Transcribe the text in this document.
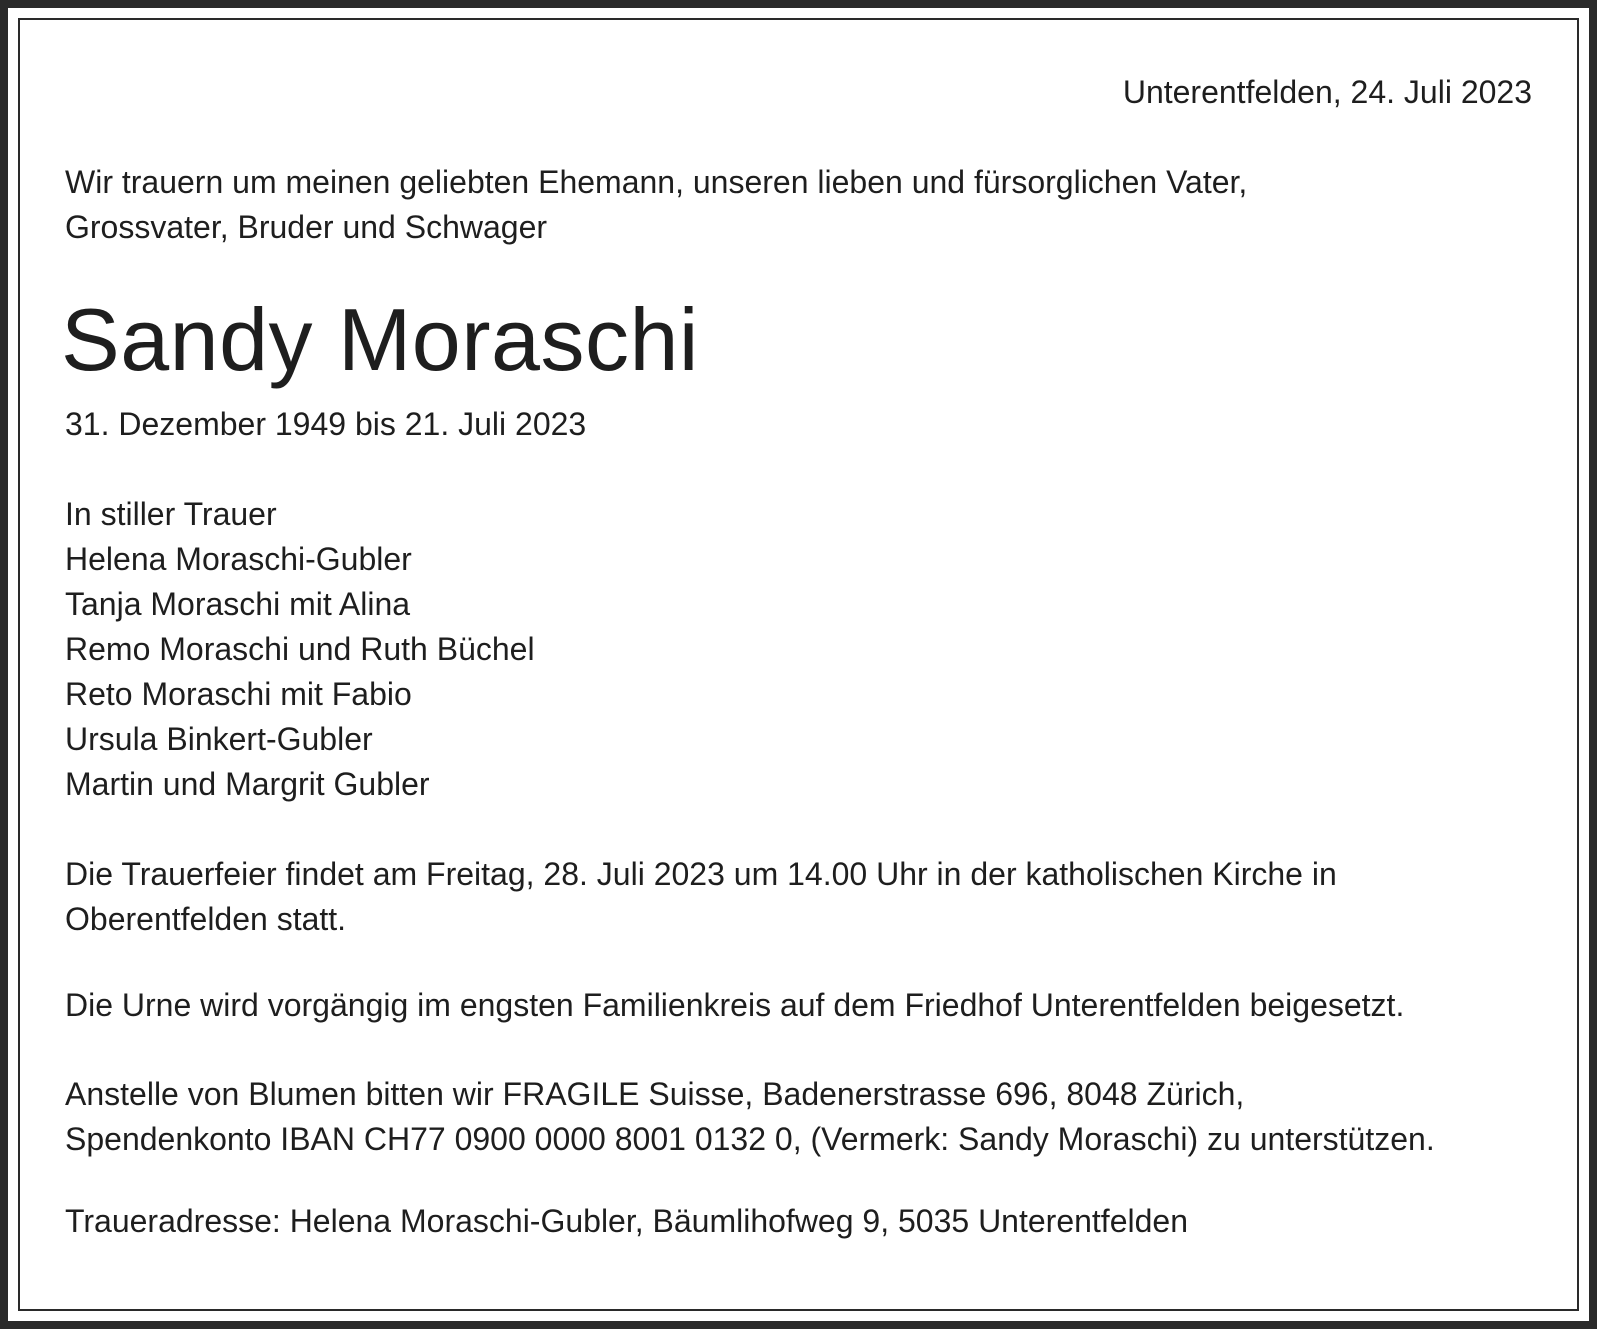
Unterentfelden, 24. Juli 2023
Wir trauern um meinen geliebten Ehemann, unseren lieben und fürsorglichen Vater,
Grossvater, Bruder und Schwager
Sandy Moraschi
31. Dezember 1949 bis 21. Juli 2023
In stiller Trauer
Helena Moraschi-Gubler
Tanja Moraschi mit Alina
Remo Moraschi und Ruth Büchel
Reto Moraschi mit Fabio
Ursula Binkert-Gubler
Martin und Margrit Gubler
Die Trauerfeier findet am Freitag, 28. Juli 2023 um 14.00 Uhr in der katholischen Kirche in
Oberentfelden statt.
Die Urne wird vorgängig im engsten Familienkreis auf dem Friedhof Unterentfelden beigesetzt.
Anstelle von Blumen bitten wir FRAGILE Suisse, Badenerstrasse 696, 8048 Zürich,
Spendenkonto IBAN CH77 0900 0000 8001 0132 0, (Vermerk: Sandy Moraschi) zu unterstützen.
Traueradresse: Helena Moraschi-Gubler, Bäumlihofweg 9, 5035 Unterentfelden
